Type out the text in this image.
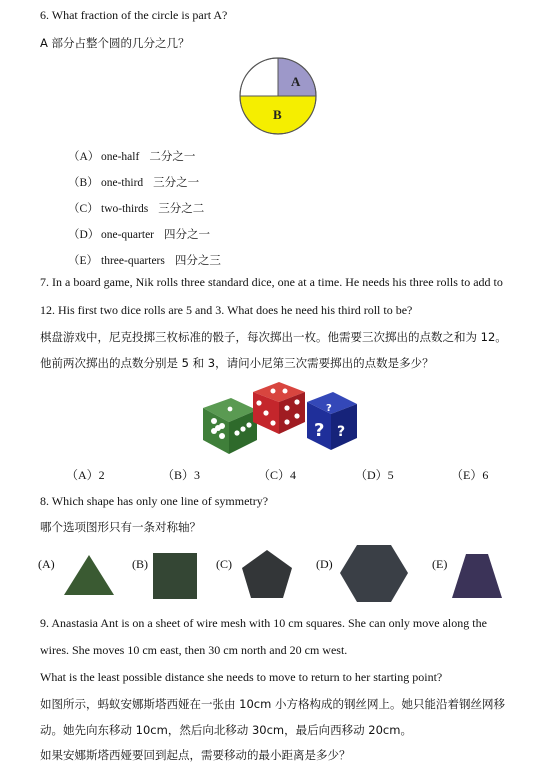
6. What fraction of the circle is part A?
A 部分占整个圆的几分之几？
A
B
（A） one-half 二分之一
（B） one-third 三分之一
（C） two-thirds 三分之二
（D） one-quarter 四分之一
（E） three-quarters 四分之三
7. In a board game, Nik rolls three standard dice, one at a time. He needs his three rolls to add to
12. His first two dice rolls are 5 and 3. What does he need his third roll to be?
棋盘游戏中，尼克投掷三枚标准的骰子，每次掷出一枚。他需要三次掷出的点数之和为 12。
他前两次掷出的点数分别是 5 和 3，请问小尼第三次需要掷出的点数是多少？
?
? ?
（A）2	（B）3	（C）4	（D）5	（E）6
8. Which shape has only one line of symmetry?
哪个选项图形只有一条对称轴？
(A)	(B)	(C)	(D)	(E)
9. Anastasia Ant is on a sheet of wire mesh with 10 cm squares. She can only move along the
wires. She moves 10 cm east, then 30 cm north and 20 cm west.
What is the least possible distance she needs to move to return to her starting point?
如图所示，蚂蚁安娜斯塔西娅在一张由 10cm 小方格构成的钢丝网上。她只能沿着钢丝网移
动。她先向东移动 10cm，然后向北移动 30cm，最后向西移动 20cm。
如果安娜斯塔西娅要回到起点，需要移动的最小距离是多少？
